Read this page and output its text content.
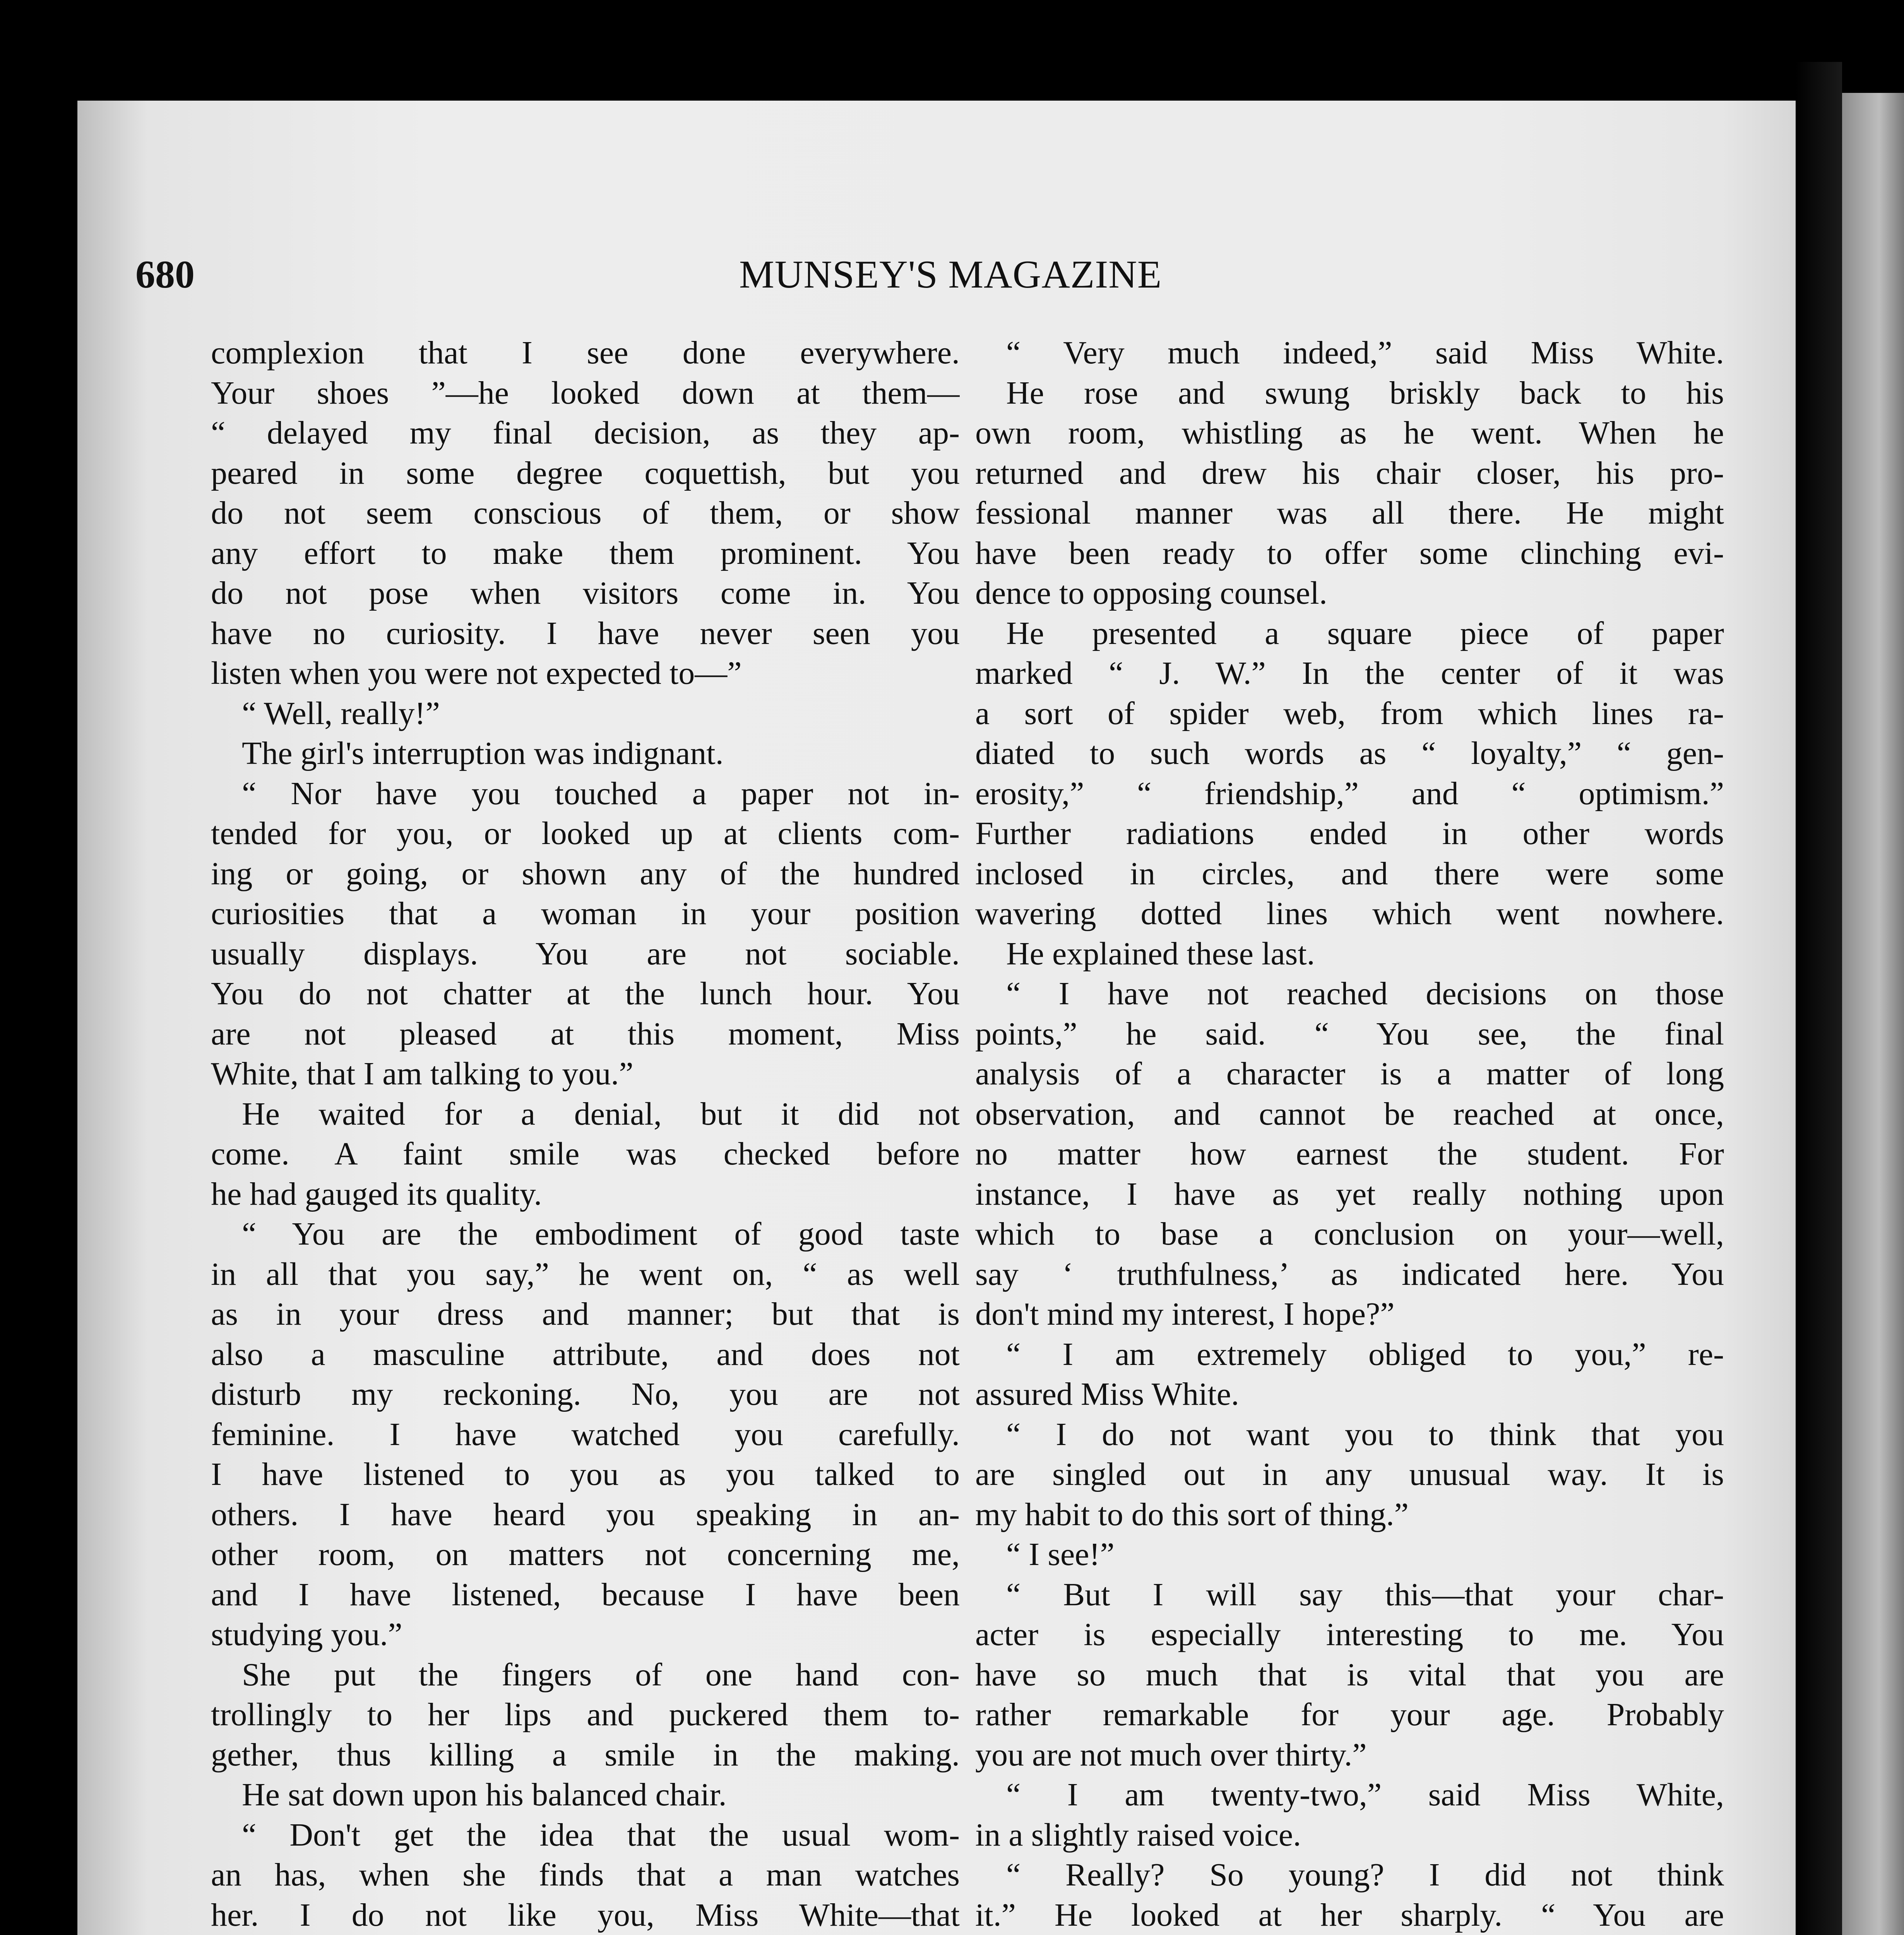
680	MUNSEY'S MAGAZINE
complexion that I see done everywhere.
Your shoes ”—he looked down at them—
“ delayed my final decision, as they ap-
peared in some degree coquettish, but you
do not seem conscious of them, or show
any effort to make them prominent. You
do not pose when visitors come in. You
have no curiosity. I have never seen you
listen when you were not expected to—”
“ Well, really!”
The girl's interruption was indignant.
“ Nor have you touched a paper not in-
tended for you, or looked up at clients com-
ing or going, or shown any of the hundred
curiosities that a woman in your position
usually displays. You are not sociable.
You do not chatter at the lunch hour. You
are not pleased at this moment, Miss
White, that I am talking to you.”
He waited for a denial, but it did not
come. A faint smile was checked before
he had gauged its quality.
“ You are the embodiment of good taste
in all that you say,” he went on, “ as well
as in your dress and manner; but that is
also a masculine attribute, and does not
disturb my reckoning. No, you are not
feminine. I have watched you carefully.
I have listened to you as you talked to
others. I have heard you speaking in an-
other room, on matters not concerning me,
and I have listened, because I have been
studying you.”
She put the fingers of one hand con-
trollingly to her lips and puckered them to-
gether, thus killing a smile in the making.
He sat down upon his balanced chair.
“ Don't get the idea that the usual wom-
an has, when she finds that a man watches
her. I do not like you, Miss White—that
“ Very much indeed,” said Miss White.
He rose and swung briskly back to his
own room, whistling as he went. When he
returned and drew his chair closer, his pro-
fessional manner was all there. He might
have been ready to offer some clinching evi-
dence to opposing counsel.
He presented a square piece of paper
marked “ J. W.” In the center of it was
a sort of spider web, from which lines ra-
diated to such words as “ loyalty,” “ gen-
erosity,” “ friendship,” and “ optimism.”
Further radiations ended in other words
inclosed in circles, and there were some
wavering dotted lines which went nowhere.
He explained these last.
“ I have not reached decisions on those
points,” he said. “ You see, the final
analysis of a character is a matter of long
observation, and cannot be reached at once,
no matter how earnest the student. For
instance, I have as yet really nothing upon
which to base a conclusion on your—well,
say ‘ truthfulness,’ as indicated here. You
don't mind my interest, I hope?”
“ I am extremely obliged to you,” re-
assured Miss White.
“ I do not want you to think that you
are singled out in any unusual way. It is
my habit to do this sort of thing.”
“ I see!”
“ But I will say this—that your char-
acter is especially interesting to me. You
have so much that is vital that you are
rather remarkable for your age. Probably
you are not much over thirty.”
“ I am twenty-two,” said Miss White,
in a slightly raised voice.
“ Really? So young? I did not think
it.” He looked at her sharply. “ You are
